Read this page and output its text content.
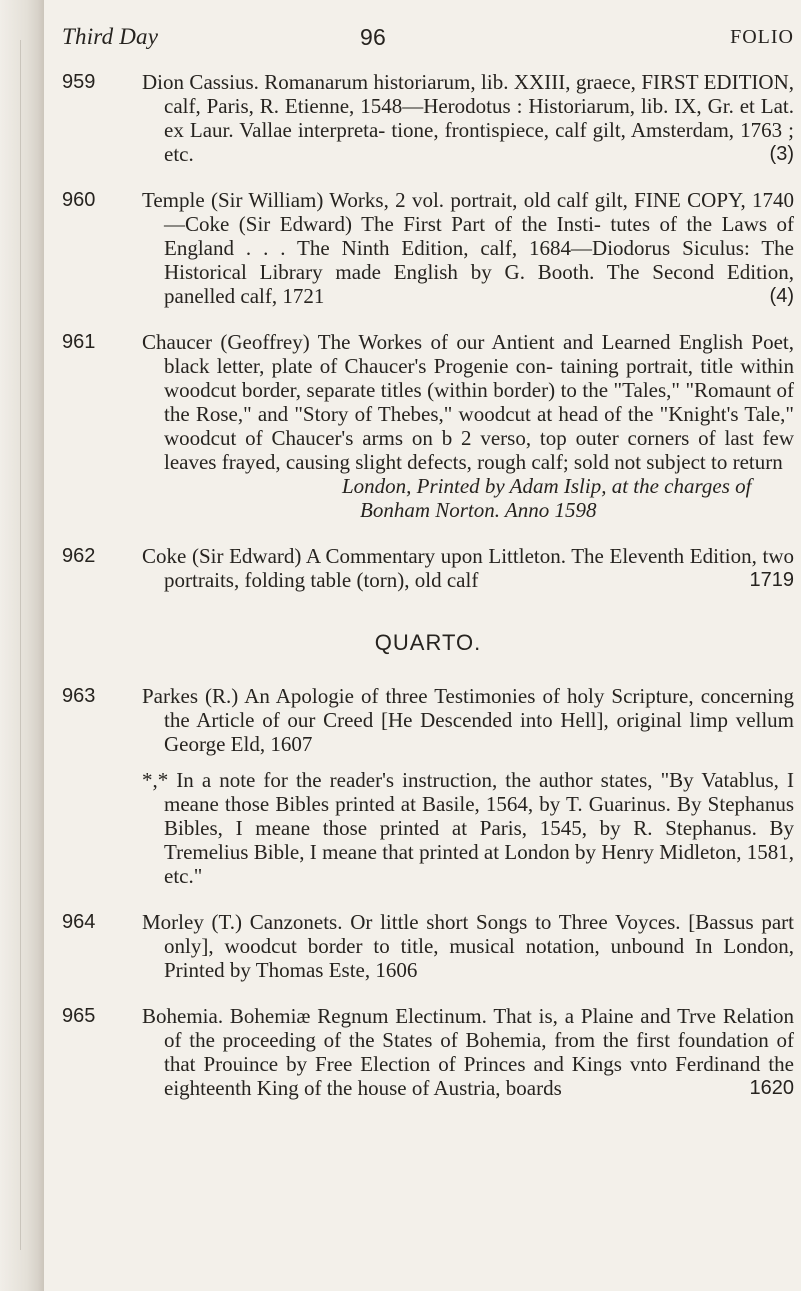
Third Day	96	FOLIO
959 Dion Cassius. Romanarum historiarum, lib. XXIII, graece, FIRST EDITION, calf, Paris, R. Etienne, 1548—Herodotus : Historiarum, lib. IX, Gr. et Lat. ex Laur. Vallae interpreta- tione, frontispiece, calf gilt, Amsterdam, 1763 ; etc.	(3)

960 Temple (Sir William) Works, 2 vol. portrait, old calf gilt, FINE COPY, 1740—Coke (Sir Edward) The First Part of the Insti- tutes of the Laws of England . . . The Ninth Edition, calf, 1684—Diodorus Siculus: The Historical Library made English by G. Booth. The Second Edition, panelled calf, 1721	(4)

961 Chaucer (Geoffrey) The Workes of our Antient and Learned English Poet, black letter, plate of Chaucer's Progenie con- taining portrait, title within woodcut border, separate titles (within border) to the "Tales," "Romaunt of the Rose," and "Story of Thebes," woodcut at head of the "Knight's Tale," woodcut of Chaucer's arms on b 2 verso, top outer corners of last few leaves frayed, causing slight defects, rough calf; sold not subject to return

London, Printed by Adam Islip, at the charges of

Bonham Norton. Anno 1598

962 Coke (Sir Edward) A Commentary upon Littleton. The Eleventh Edition, two portraits, folding table (torn), old calf	1719

QUARTO.
963 Parkes (R.) An Apologie of three Testimonies of holy Scripture, concerning the Article of our Creed [He Descended into Hell], original limp vellum George Eld, 1607

*,* In a note for the reader's instruction, the author states, "By Vatablus, I meane those Bibles printed at Basile, 1564, by T. Guarinus. By Stephanus Bibles, I meane those printed at Paris, 1545, by R. Stephanus. By Tremelius Bible, I meane that printed at London by Henry Midleton, 1581, etc."

964 Morley (T.) Canzonets. Or little short Songs to Three Voyces. [Bassus part only], woodcut border to title, musical notation, unbound In London, Printed by Thomas Este, 1606

965 Bohemia. Bohemiæ Regnum Electinum. That is, a Plaine and Trve Relation of the proceeding of the States of Bohemia, from the first foundation of that Prouince by Free Election of Princes and Kings vnto Ferdinand the eighteenth King of the house of Austria, boards	1620
